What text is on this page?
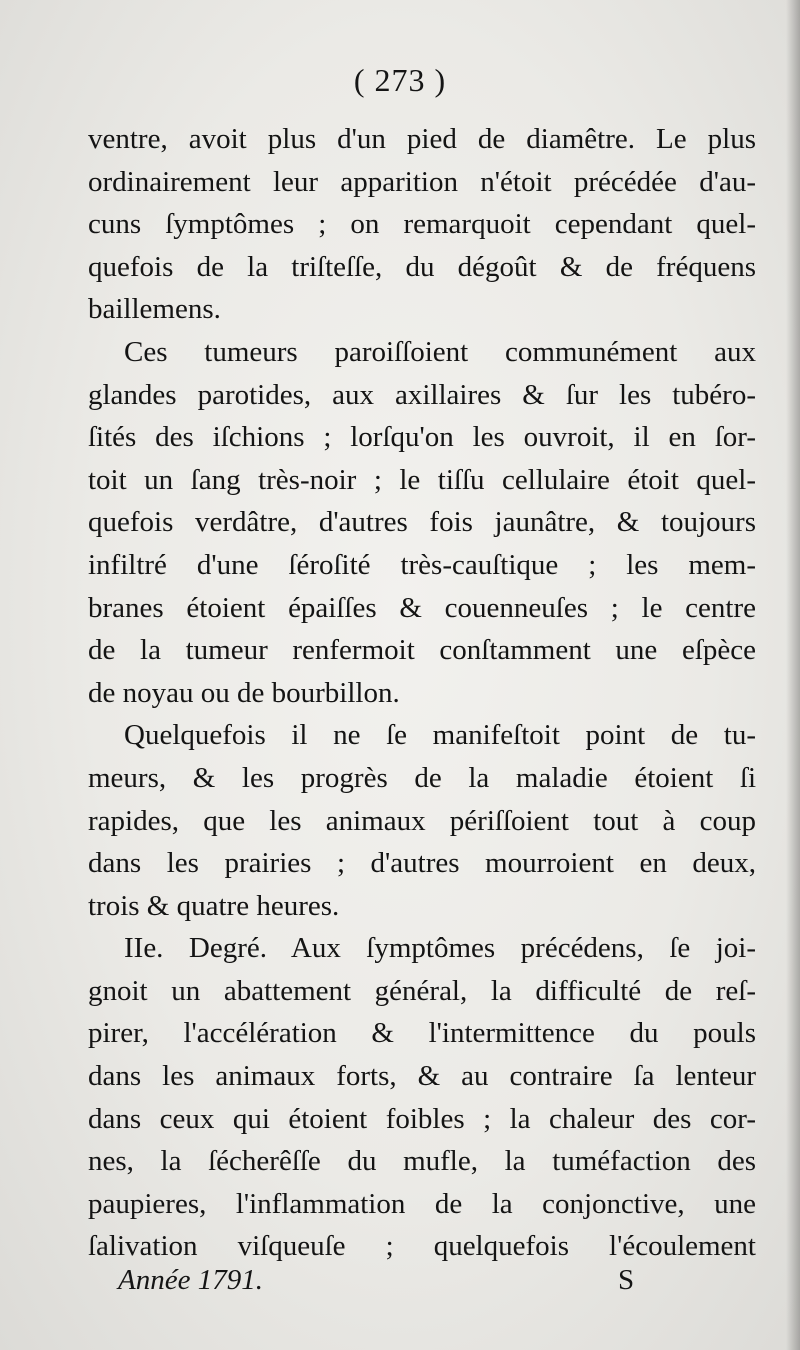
( 273 )
ventre, avoit plus d'un pied de diamêtre. Le plus
ordinairement leur apparition n'étoit précédée d'au-
cuns ſymptômes ; on remarquoit cependant quel-
quefois de la triſteſſe, du dégoût & de fréquens
baillemens.
Ces tumeurs paroiſſoient communément aux
glandes parotides, aux axillaires & ſur les tubéro-
ſités des iſchions ; lorſqu'on les ouvroit, il en ſor-
toit un ſang très-noir ; le tiſſu cellulaire étoit quel-
quefois verdâtre, d'autres fois jaunâtre, & toujours
infiltré d'une ſéroſité très-cauſtique ; les mem-
branes étoient épaiſſes & couenneuſes ; le centre
de la tumeur renfermoit conſtamment une eſpèce
de noyau ou de bourbillon.
Quelquefois il ne ſe manifeſtoit point de tu-
meurs, & les progrès de la maladie étoient ſi
rapides, que les animaux périſſoient tout à coup
dans les prairies ; d'autres mourroient en deux,
trois & quatre heures.
IIe. Degré. Aux ſymptômes précédens, ſe joi-
gnoit un abattement général, la difficulté de reſ-
pirer, l'accélération & l'intermittence du pouls
dans les animaux forts, & au contraire ſa lenteur
dans ceux qui étoient foibles ; la chaleur des cor-
nes, la ſécherêſſe du mufle, la tuméfaction des
paupieres, l'inflammation de la conjonctive, une
ſalivation viſqueuſe ; quelquefois l'écoulement
Année 1791.	S
